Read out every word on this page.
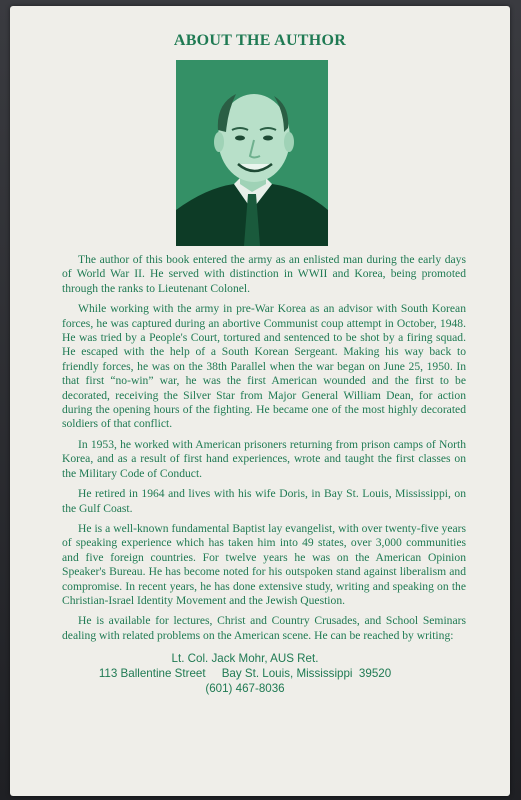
ABOUT THE AUTHOR

The author of this book entered the army as an enlisted man during the early days of World War II. He served with distinction in WWII and Korea, being promoted through the ranks to Lieutenant Colonel.

While working with the army in pre-War Korea as an advisor with South Korean forces, he was captured during an abortive Communist coup attempt in October, 1948. He was tried by a People's Court, tortured and sentenced to be shot by a firing squad. He escaped with the help of a South Korean Sergeant. Making his way back to friendly forces, he was on the 38th Parallel when the war began on June 25, 1950. In that first “no-win” war, he was the first American wounded and the first to be decorated, receiving the Silver Star from Major General William Dean, for action during the opening hours of the fighting. He became one of the most highly decorated soldiers of that conflict.

In 1953, he worked with American prisoners returning from prison camps of North Korea, and as a result of first hand experiences, wrote and taught the first classes on the Military Code of Conduct.

He retired in 1964 and lives with his wife Doris, in Bay St. Louis, Mississippi, on the Gulf Coast.

He is a well-known fundamental Baptist lay evangelist, with over twenty-five years of speaking experience which has taken him into 49 states, over 3,000 communities and five foreign countries. For twelve years he was on the American Opinion Speaker's Bureau. He has become noted for his outspoken stand against liberalism and compromise. In recent years, he has done extensive study, writing and speaking on the Christian-Israel Identity Movement and the Jewish Question.

He is available for lectures, Christ and Country Crusades, and School Seminars dealing with related problems on the American scene. He can be reached by writing:

Lt. Col. Jack Mohr, AUS Ret.
113 Ballentine Street     Bay St. Louis, Mississippi  39520
(601) 467-8036
